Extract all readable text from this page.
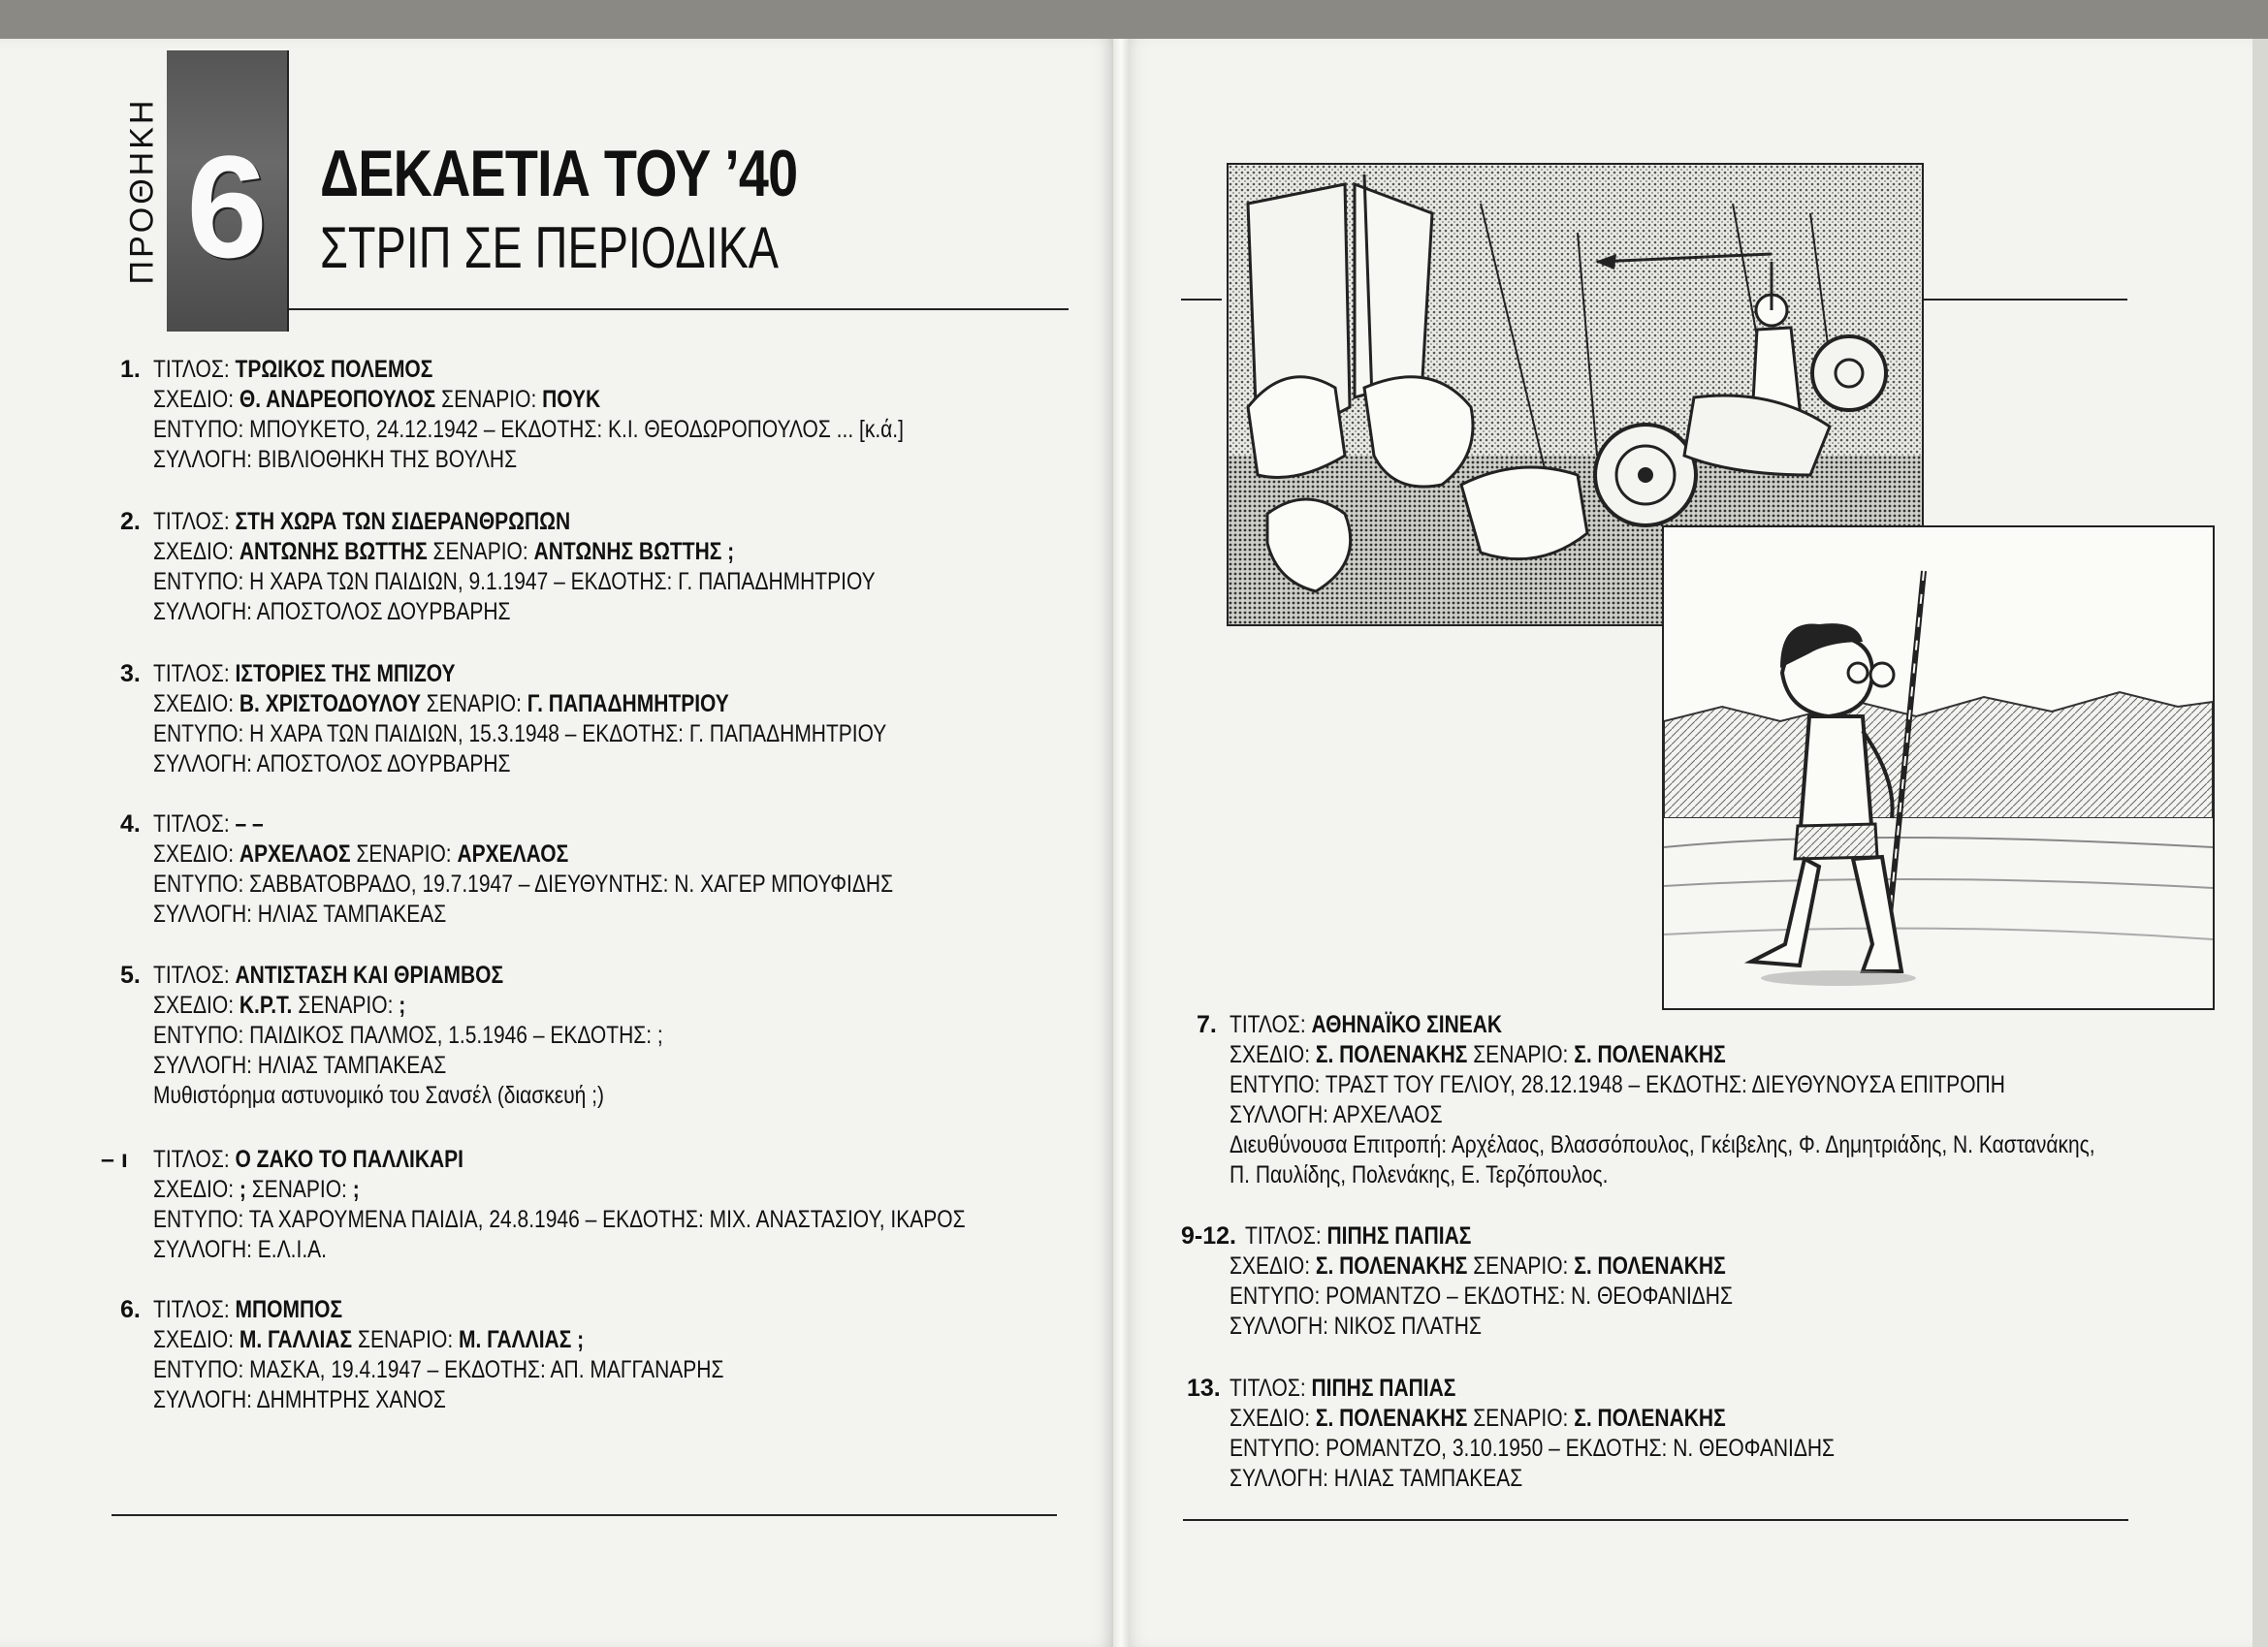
ΠΡΟΘΗΚΗ 6 ΔΕΚΑΕΤΙΑ ΤΟΥ ’40
ΣΤΡΙΠ ΣΕ ΠΕΡΙΟΔΙΚΑ
1. ΤΙΤΛΟΣ: ΤΡΩΙΚΟΣ ΠΟΛΕΜΟΣ
ΣΧΕΔΙΟ: Θ. ΑΝΔΡΕΟΠΟΥΛΟΣ ΣΕΝΑΡΙΟ: ΠΟΥΚ
ΕΝΤΥΠΟ: ΜΠΟΥΚΕΤΟ, 24.12.1942 – ΕΚΔΟΤΗΣ: Κ.Ι. ΘΕΟΔΩΡΟΠΟΥΛΟΣ ... [κ.ά.]
ΣΥΛΛΟΓΗ: ΒΙΒΛΙΟΘΗΚΗ ΤΗΣ ΒΟΥΛΗΣ
2. ΤΙΤΛΟΣ: ΣΤΗ ΧΩΡΑ ΤΩΝ ΣΙΔΕΡΑΝΘΡΩΠΩΝ
ΣΧΕΔΙΟ: ΑΝΤΩΝΗΣ ΒΩΤΤΗΣ ΣΕΝΑΡΙΟ: ΑΝΤΩΝΗΣ ΒΩΤΤΗΣ ;
ΕΝΤΥΠΟ: Η ΧΑΡΑ ΤΩΝ ΠΑΙΔΙΩΝ, 9.1.1947 – ΕΚΔΟΤΗΣ: Γ. ΠΑΠΑΔΗΜΗΤΡΙΟΥ
ΣΥΛΛΟΓΗ: ΑΠΟΣΤΟΛΟΣ ΔΟΥΡΒΑΡΗΣ
3. ΤΙΤΛΟΣ: ΙΣΤΟΡΙΕΣ ΤΗΣ ΜΠΙΖΟΥ
ΣΧΕΔΙΟ: Β. ΧΡΙΣΤΟΔΟΥΛΟΥ ΣΕΝΑΡΙΟ: Γ. ΠΑΠΑΔΗΜΗΤΡΙΟΥ
ΕΝΤΥΠΟ: Η ΧΑΡΑ ΤΩΝ ΠΑΙΔΙΩΝ, 15.3.1948 – ΕΚΔΟΤΗΣ: Γ. ΠΑΠΑΔΗΜΗΤΡΙΟΥ
ΣΥΛΛΟΓΗ: ΑΠΟΣΤΟΛΟΣ ΔΟΥΡΒΑΡΗΣ
4. ΤΙΤΛΟΣ: – –
ΣΧΕΔΙΟ: ΑΡΧΕΛΑΟΣ ΣΕΝΑΡΙΟ: ΑΡΧΕΛΑΟΣ
ΕΝΤΥΠΟ: ΣΑΒΒΑΤΟΒΡΑΔΟ, 19.7.1947 – ΔΙΕΥΘΥΝΤΗΣ: Ν. ΧΑΓΕΡ ΜΠΟΥΦΙΔΗΣ
ΣΥΛΛΟΓΗ: ΗΛΙΑΣ ΤΑΜΠΑΚΕΑΣ
5. ΤΙΤΛΟΣ: ΑΝΤΙΣΤΑΣΗ ΚΑΙ ΘΡΙΑΜΒΟΣ
ΣΧΕΔΙΟ: Κ.Ρ.Τ. ΣΕΝΑΡΙΟ: ;
ΕΝΤΥΠΟ: ΠΑΙΔΙΚΟΣ ΠΑΛΜΟΣ, 1.5.1946 – ΕΚΔΟΤΗΣ: ;
ΣΥΛΛΟΓΗ: ΗΛΙΑΣ ΤΑΜΠΑΚΕΑΣ
Μυθιστόρημα αστυνομικό του Σανσέλ (διασκευή ;)
– ı ΤΙΤΛΟΣ: Ο ΖΑΚΟ ΤΟ ΠΑΛΛΙΚΑΡΙ
ΣΧΕΔΙΟ: ; ΣΕΝΑΡΙΟ: ;
ΕΝΤΥΠΟ: ΤΑ ΧΑΡΟΥΜΕΝΑ ΠΑΙΔΙΑ, 24.8.1946 – ΕΚΔΟΤΗΣ: ΜΙΧ. ΑΝΑΣΤΑΣΙΟΥ, ΙΚΑΡΟΣ
ΣΥΛΛΟΓΗ: Ε.Λ.Ι.Α.
6. ΤΙΤΛΟΣ: ΜΠΟΜΠΟΣ
ΣΧΕΔΙΟ: Μ. ΓΑΛΛΙΑΣ ΣΕΝΑΡΙΟ: Μ. ΓΑΛΛΙΑΣ ;
ΕΝΤΥΠΟ: ΜΑΣΚΑ, 19.4.1947 – ΕΚΔΟΤΗΣ: ΑΠ. ΜΑΓΓΑΝΑΡΗΣ
ΣΥΛΛΟΓΗ: ΔΗΜΗΤΡΗΣ ΧΑΝΟΣ
7. ΤΙΤΛΟΣ: ΑΘΗΝΑΪΚΟ ΣΙΝΕΑΚ
ΣΧΕΔΙΟ: Σ. ΠΟΛΕΝΑΚΗΣ ΣΕΝΑΡΙΟ: Σ. ΠΟΛΕΝΑΚΗΣ
ΕΝΤΥΠΟ: ΤΡΑΣΤ ΤΟΥ ΓΕΛΙΟΥ, 28.12.1948 – ΕΚΔΟΤΗΣ: ΔΙΕΥΘΥΝΟΥΣΑ ΕΠΙΤΡΟΠΗ
ΣΥΛΛΟΓΗ: ΑΡΧΕΛΑΟΣ
Διευθύνουσα Επιτροπή: Αρχέλαος, Βλασσόπουλος, Γκέιβελης, Φ. Δημητριάδης, Ν. Καστανάκης,
Π. Παυλίδης, Πολενάκης, Ε. Τερζόπουλος.
9-12. ΤΙΤΛΟΣ: ΠΙΠΗΣ ΠΑΠΙΑΣ
ΣΧΕΔΙΟ: Σ. ΠΟΛΕΝΑΚΗΣ ΣΕΝΑΡΙΟ: Σ. ΠΟΛΕΝΑΚΗΣ
ΕΝΤΥΠΟ: ΡΟΜΑΝΤΖΟ – ΕΚΔΟΤΗΣ: Ν. ΘΕΟΦΑΝΙΔΗΣ
ΣΥΛΛΟΓΗ: ΝΙΚΟΣ ΠΛΑΤΗΣ
13. ΤΙΤΛΟΣ: ΠΙΠΗΣ ΠΑΠΙΑΣ
ΣΧΕΔΙΟ: Σ. ΠΟΛΕΝΑΚΗΣ ΣΕΝΑΡΙΟ: Σ. ΠΟΛΕΝΑΚΗΣ
ΕΝΤΥΠΟ: ΡΟΜΑΝΤΖΟ, 3.10.1950 – ΕΚΔΟΤΗΣ: Ν. ΘΕΟΦΑΝΙΔΗΣ
ΣΥΛΛΟΓΗ: ΗΛΙΑΣ ΤΑΜΠΑΚΕΑΣ
